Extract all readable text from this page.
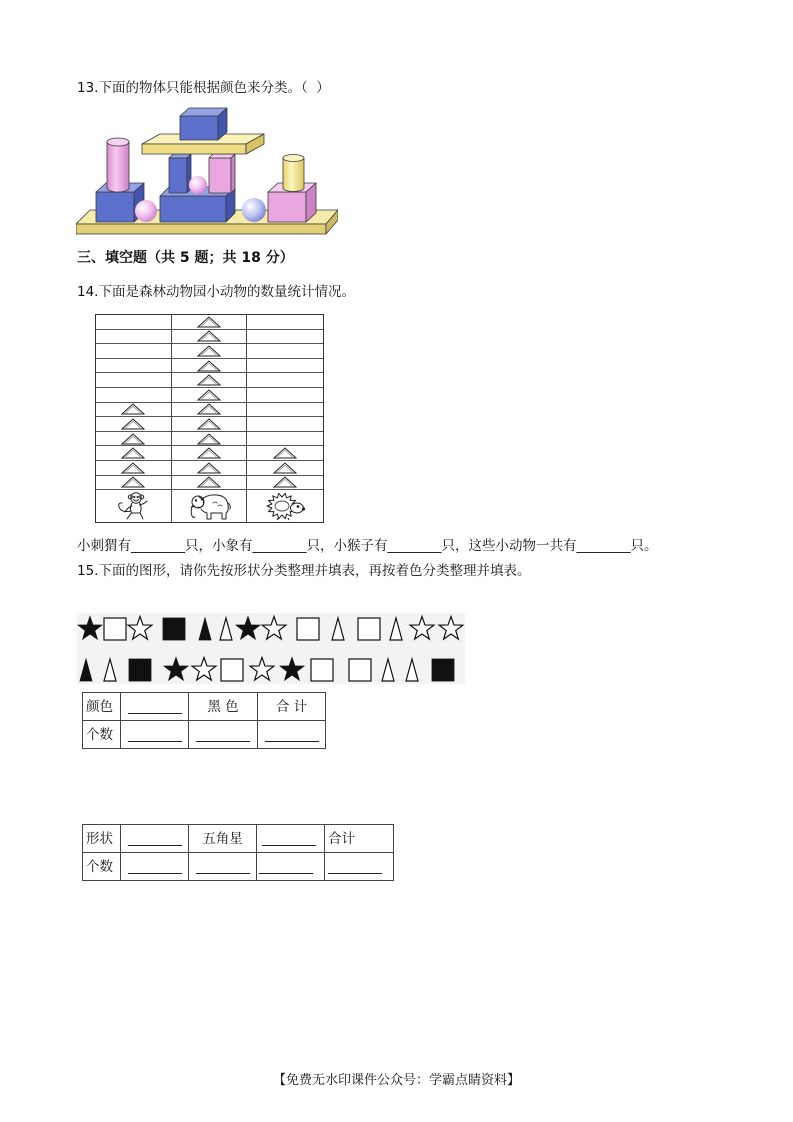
13.下面的物体只能根据颜色来分类。（  ）

三、填空题（共 5 题；共 18 分）

14.下面是森林动物园小动物的数量统计情况。

小刺猬有________只，小象有________只，小猴子有________只，这些小动物一共有________只。

15.下面的图形，请你先按形状分类整理并填表，再按着色分类整理并填表。

颜色	________	黑 色	合 计
个数	________	________	________
形状	________	五角星	________	合计
个数	________	________	________	________
【免费无水印课件公众号：学霸点睛资料】
